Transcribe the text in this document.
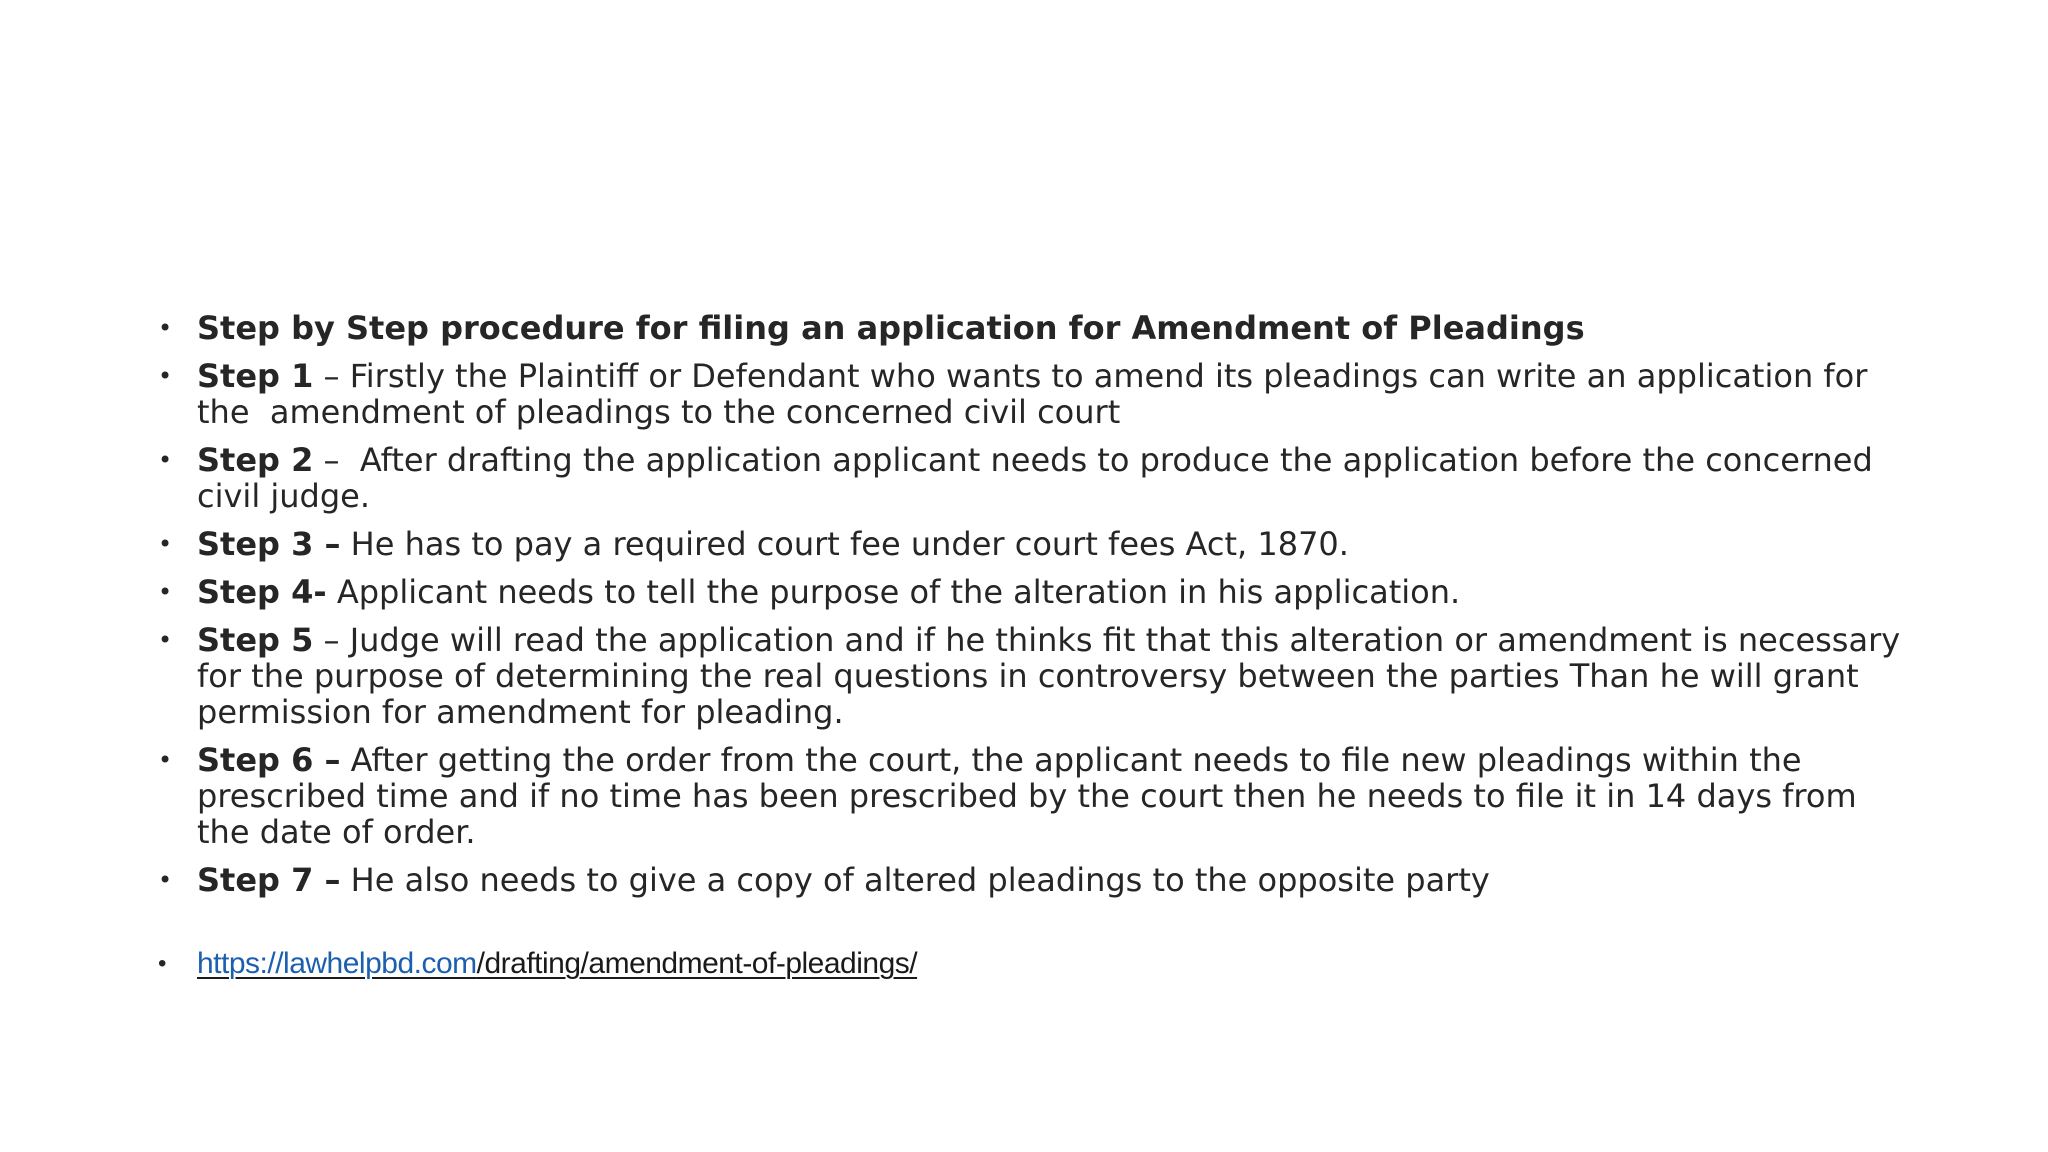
• Step by Step procedure for filing an application for Amendment of Pleadings
• Step 1 – Firstly the Plaintiff or Defendant who wants to amend its pleadings can write an application for the  amendment of pleadings to the concerned civil court
• Step 2 –  After drafting the application applicant needs to produce the application before the concerned civil judge.
• Step 3 – He has to pay a required court fee under court fees Act, 1870.
• Step 4- Applicant needs to tell the purpose of the alteration in his application.
• Step 5 – Judge will read the application and if he thinks fit that this alteration or amendment is necessary for the purpose of determining the real questions in controversy between the parties Than he will grant permission for amendment for pleading.
• Step 6 – After getting the order from the court, the applicant needs to file new pleadings within the prescribed time and if no time has been prescribed by the court then he needs to file it in 14 days from the date of order.
• Step 7 – He also needs to give a copy of altered pleadings to the opposite party
• https://lawhelpbd.com/drafting/amendment-of-pleadings/
